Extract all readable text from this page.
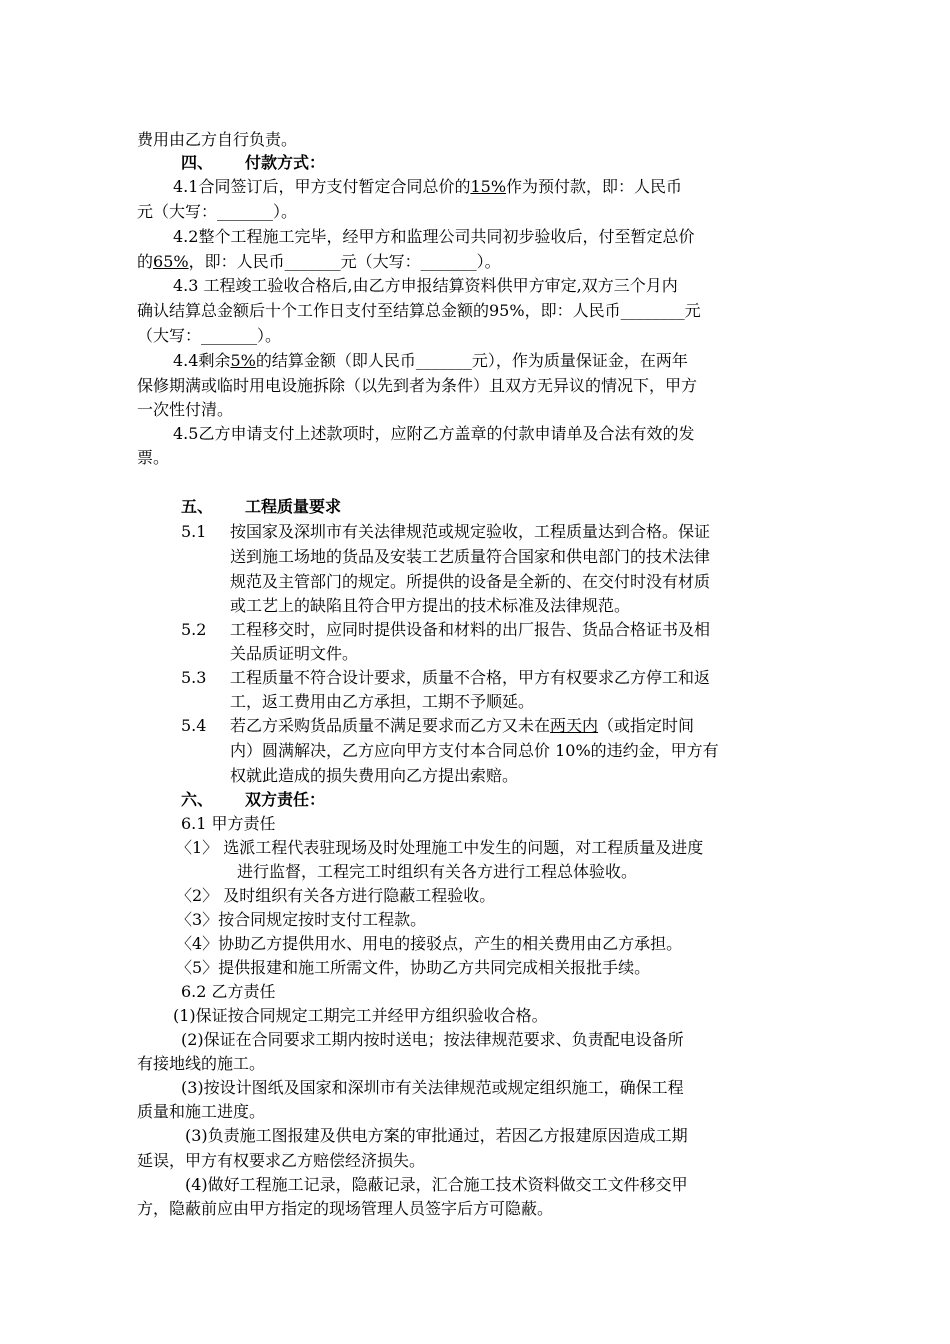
费用由乙方自行负责。
四、 付款方式：
4.1合同签订后，甲方支付暂定合同总价的15%作为预付款，即：人民币
元（大写：_______）。
4.2整个工程施工完毕，经甲方和监理公司共同初步验收后，付至暂定总价
的65%，即：人民币_______元（大写：_______）。
4.3 工程竣工验收合格后,由乙方申报结算资料供甲方审定,双方三个月内
确认结算总金额后十个工作日支付至结算总金额的95%，即：人民币________元
（大写：_______）。
4.4剩余5%的结算金额（即人民币_______元），作为质量保证金，在两年
保修期满或临时用电设施拆除（以先到者为条件）且双方无异议的情况下，甲方
一次性付清。
4.5乙方申请支付上述款项时，应附乙方盖章的付款申请单及合法有效的发
票。
五、 工程质量要求
5.1 按国家及深圳市有关法律规范或规定验收，工程质量达到合格。保证
送到施工场地的货品及安装工艺质量符合国家和供电部门的技术法律
规范及主管部门的规定。所提供的设备是全新的、在交付时没有材质
或工艺上的缺陷且符合甲方提出的技术标准及法律规范。
5.2 工程移交时，应同时提供设备和材料的出厂报告、货品合格证书及相
关品质证明文件。
5.3 工程质量不符合设计要求，质量不合格，甲方有权要求乙方停工和返
工，返工费用由乙方承担，工期不予顺延。
5.4 若乙方采购货品质量不满足要求而乙方又未在两天内（或指定时间
内）圆满解决，乙方应向甲方支付本合同总价 10%的违约金，甲方有
权就此造成的损失费用向乙方提出索赔。
六、 双方责任：
6.1 甲方责任
〈1〉 选派工程代表驻现场及时处理施工中发生的问题，对工程质量及进度
进行监督，工程完工时组织有关各方进行工程总体验收。
〈2〉 及时组织有关各方进行隐蔽工程验收。
〈3〉按合同规定按时支付工程款。
〈4〉协助乙方提供用水、用电的接驳点，产生的相关费用由乙方承担。
〈5〉提供报建和施工所需文件，协助乙方共同完成相关报批手续。
6.2 乙方责任
(1)保证按合同规定工期完工并经甲方组织验收合格。
(2)保证在合同要求工期内按时送电；按法律规范要求、负责配电设备所
有接地线的施工。
(3)按设计图纸及国家和深圳市有关法律规范或规定组织施工，确保工程
质量和施工进度。
(3)负责施工图报建及供电方案的审批通过，若因乙方报建原因造成工期
延误，甲方有权要求乙方赔偿经济损失。
(4)做好工程施工记录，隐蔽记录，汇合施工技术资料做交工文件移交甲
方，隐蔽前应由甲方指定的现场管理人员签字后方可隐蔽。
